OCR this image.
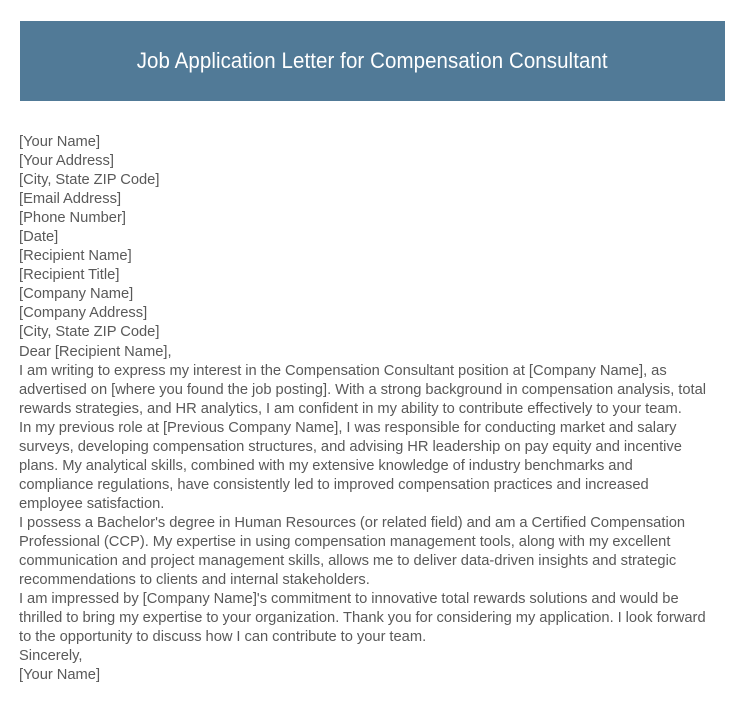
Job Application Letter for Compensation Consultant
[Your Name]
[Your Address]
[City, State ZIP Code]
[Email Address]
[Phone Number]
[Date]
[Recipient Name]
[Recipient Title]
[Company Name]
[Company Address]
[City, State ZIP Code]
Dear [Recipient Name],

I am writing to express my interest in the Compensation Consultant position at [Company Name], as advertised on [where you found the job posting]. With a strong background in compensation analysis, total rewards strategies, and HR analytics, I am confident in my ability to contribute effectively to your team.

In my previous role at [Previous Company Name], I was responsible for conducting market and salary surveys, developing compensation structures, and advising HR leadership on pay equity and incentive plans. My analytical skills, combined with my extensive knowledge of industry benchmarks and compliance regulations, have consistently led to improved compensation practices and increased employee satisfaction.

I possess a Bachelor's degree in Human Resources (or related field) and am a Certified Compensation Professional (CCP). My expertise in using compensation management tools, along with my excellent communication and project management skills, allows me to deliver data-driven insights and strategic recommendations to clients and internal stakeholders.

I am impressed by [Company Name]'s commitment to innovative total rewards solutions and would be thrilled to bring my expertise to your organization. Thank you for considering my application. I look forward to the opportunity to discuss how I can contribute to your team.

Sincerely,
[Your Name]
